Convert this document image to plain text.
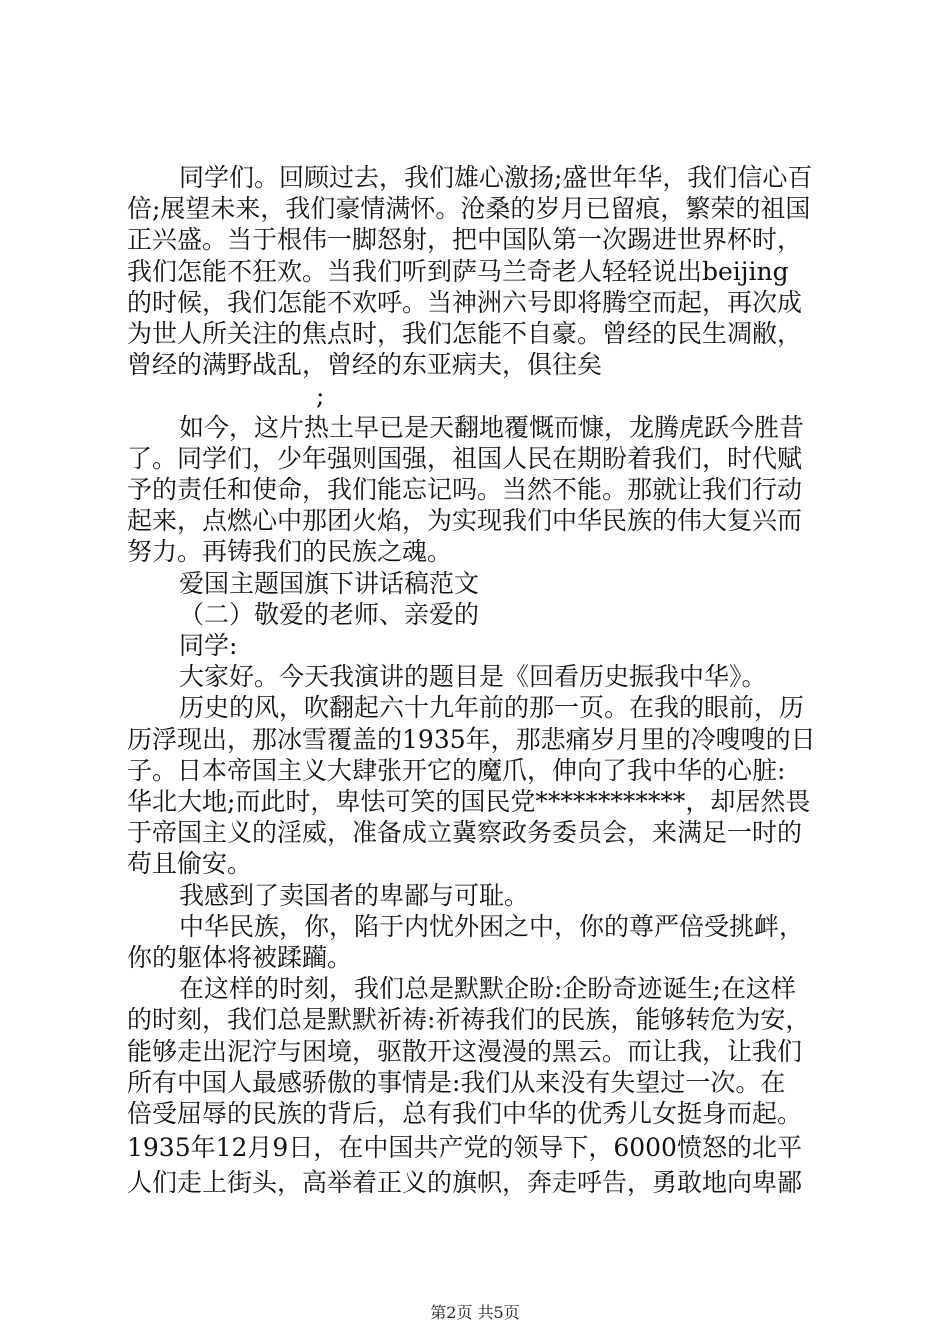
同学们。回顾过去，我们雄心激扬;盛世年华，我们信心百
倍;展望未来，我们豪情满怀。沧桑的岁月已留痕，繁荣的祖国
正兴盛。当于根伟一脚怒射，把中国队第一次踢进世界杯时，
我们怎能不狂欢。当我们听到萨马兰奇老人轻轻说出beijing
的时候，我们怎能不欢呼。当神洲六号即将腾空而起，再次成
为世人所关注的焦点时，我们怎能不自豪。曾经的民生凋敝，
曾经的满野战乱，曾经的东亚病夫，俱往矣
;
如今，这片热土早已是天翻地覆慨而慷，龙腾虎跃今胜昔
了。同学们，少年强则国强，祖国人民在期盼着我们，时代赋
予的责任和使命，我们能忘记吗。当然不能。那就让我们行动
起来，点燃心中那团火焰，为实现我们中华民族的伟大复兴而
努力。再铸我们的民族之魂。
爱国主题国旗下讲话稿范文
（二）敬爱的老师、亲爱的
同学:
大家好。今天我演讲的题目是《回看历史振我中华》。
历史的风，吹翻起六十九年前的那一页。在我的眼前，历
历浮现出，那冰雪覆盖的1935年，那悲痛岁月里的冷嗖嗖的日
子。日本帝国主义大肆张开它的魔爪，伸向了我中华的心脏:
华北大地;而此时，卑怯可笑的国民党************，却居然畏
于帝国主义的淫威，准备成立冀察政务委员会，来满足一时的
苟且偷安。
我感到了卖国者的卑鄙与可耻。
中华民族，你，陷于内忧外困之中，你的尊严倍受挑衅，
你的躯体将被蹂躏。
在这样的时刻，我们总是默默企盼:企盼奇迹诞生;在这样
的时刻，我们总是默默祈祷:祈祷我们的民族，能够转危为安，
能够走出泥泞与困境，驱散开这漫漫的黑云。而让我，让我们
所有中国人最感骄傲的事情是:我们从来没有失望过一次。在
倍受屈辱的民族的背后，总有我们中华的优秀儿女挺身而起。
1935年12月9日，在中国共产党的领导下，6000愤怒的北平
人们走上街头，高举着正义的旗帜，奔走呼告，勇敢地向卑鄙
第2页 共5页
